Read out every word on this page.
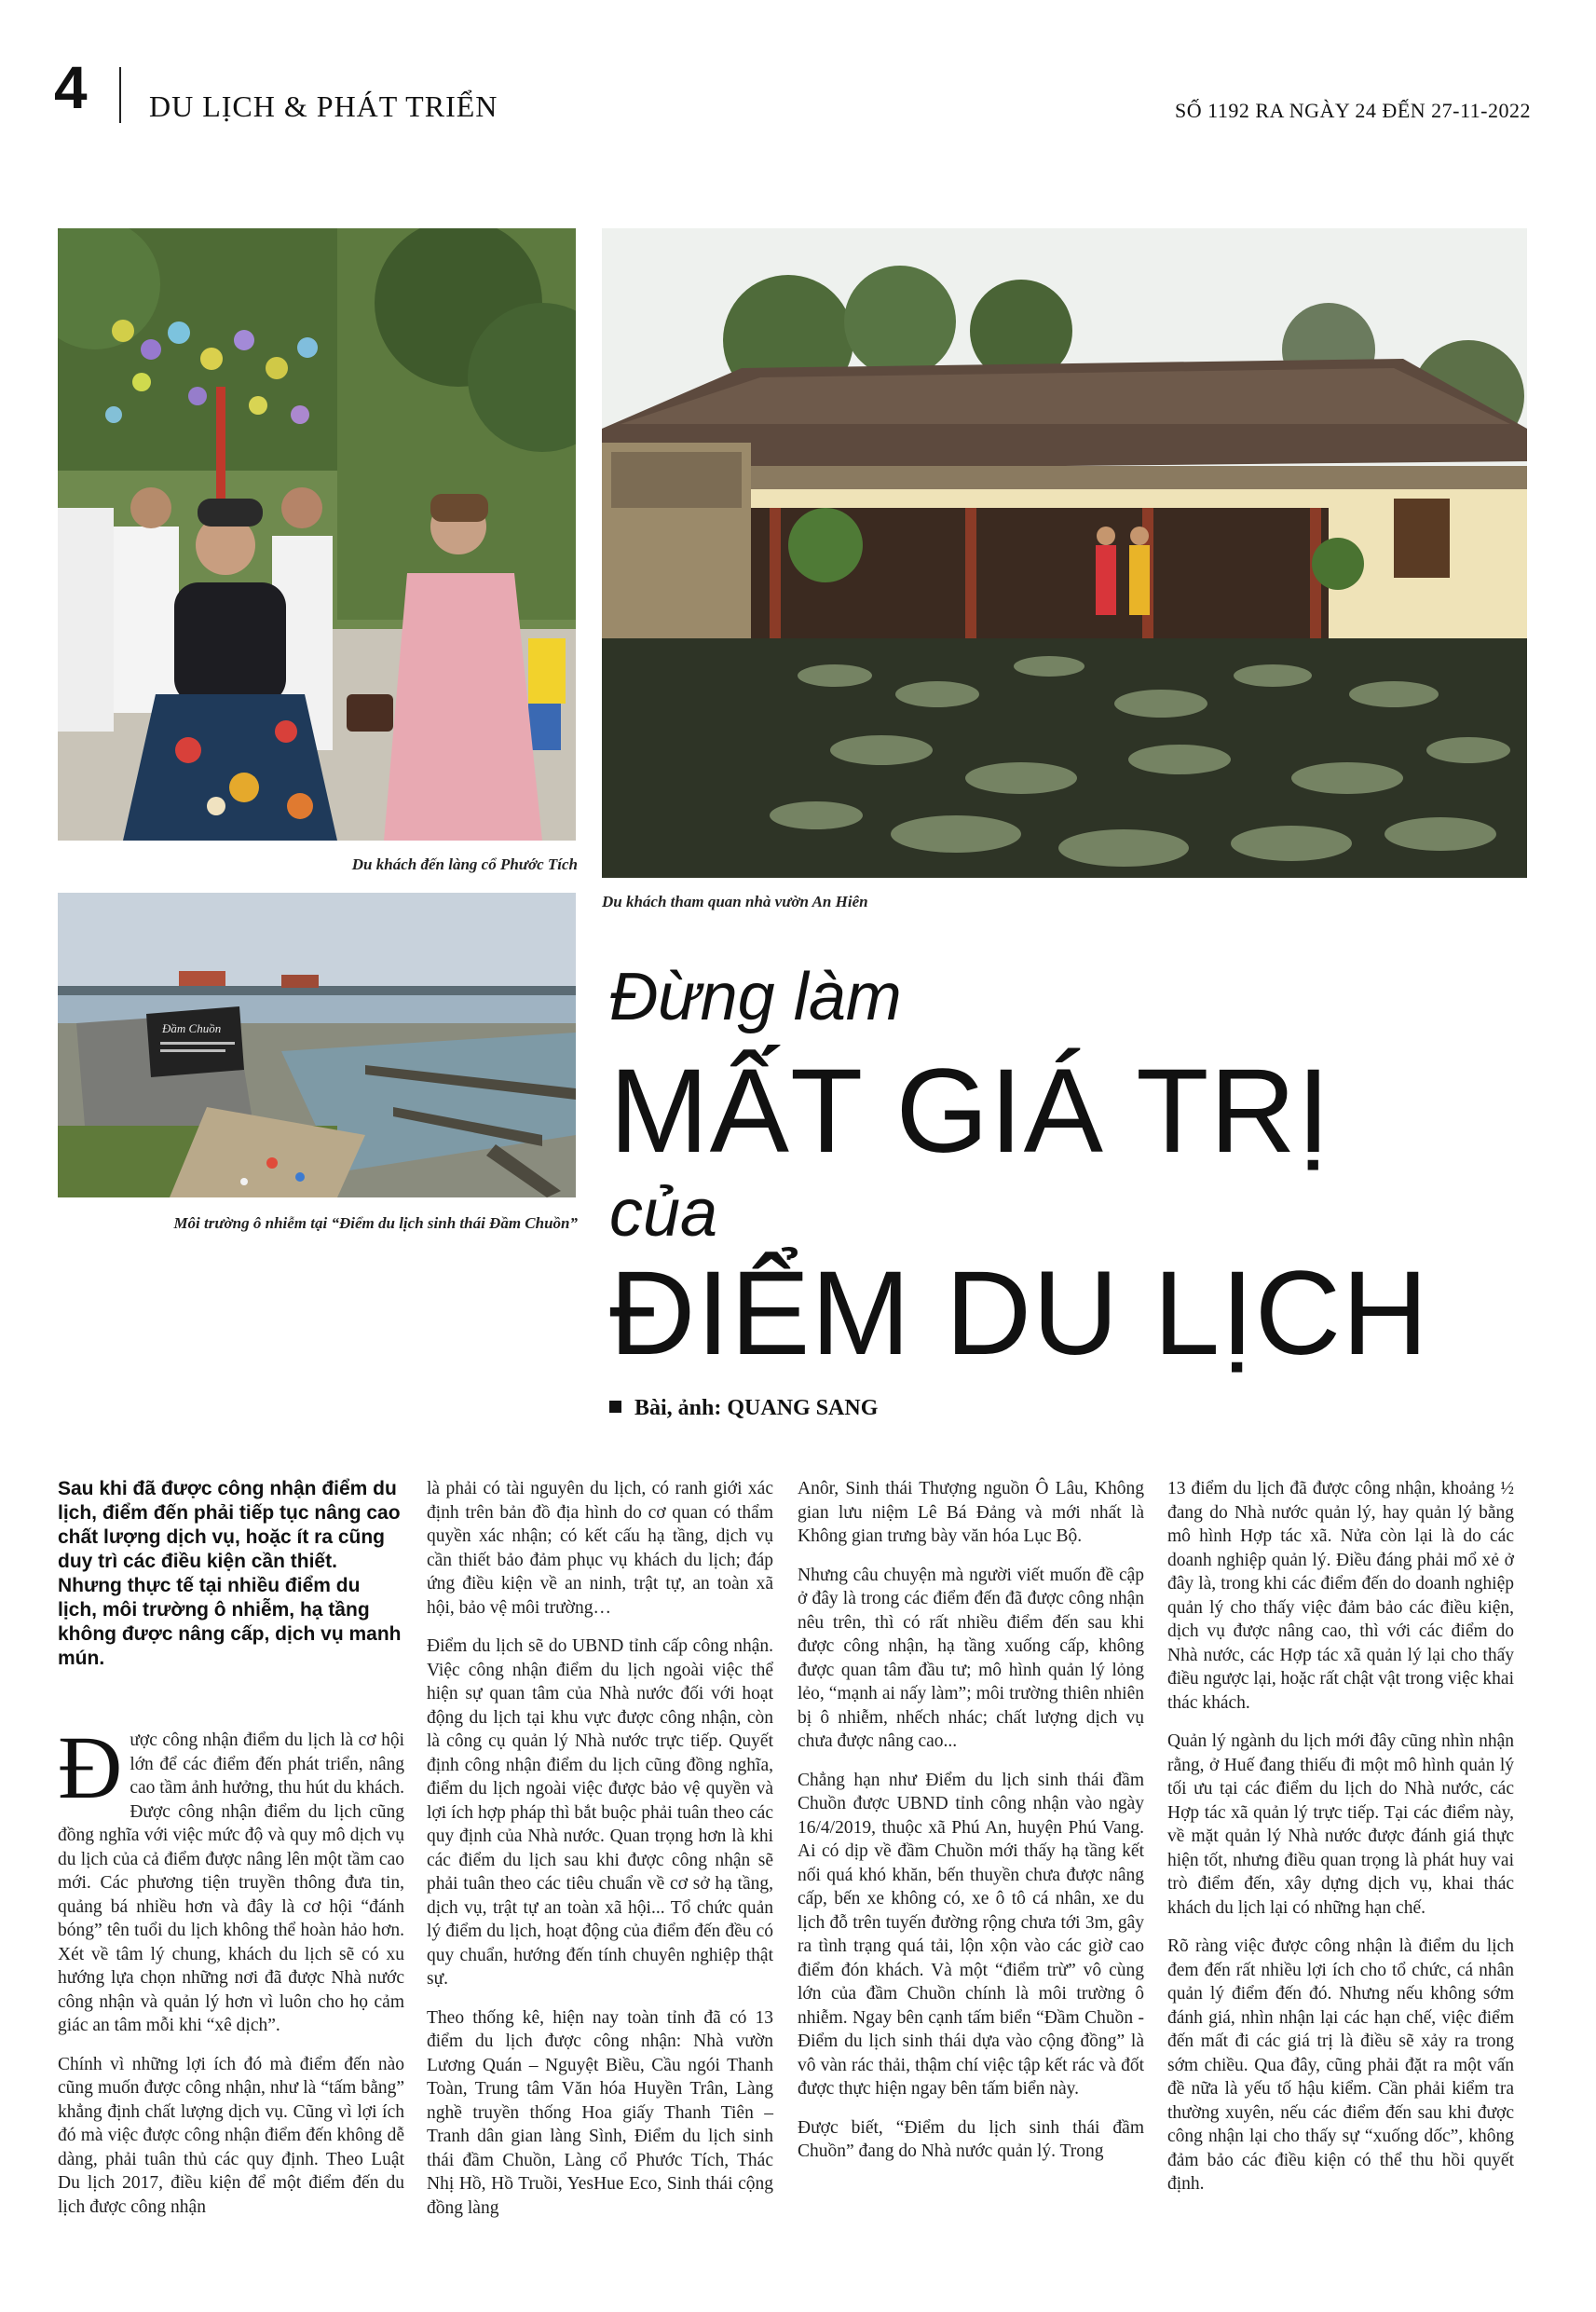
4 DU LỊCH & PHÁT TRIỂN	SỐ 1192 RA NGÀY 24 ĐẾN 27-11-2022
Du khách đến làng cổ Phước Tích
Du khách tham quan nhà vườn An Hiên
Đầm Chuồn
Môi trường ô nhiễm tại “Điểm du lịch sinh thái Đầm Chuồn”
Đừng làm
MẤT GIÁ TRỊ
của
ĐIỂM DU LỊCH
Bài, ảnh: QUANG SANG

Sau khi đã được công nhận điểm du lịch, điểm đến phải tiếp tục nâng cao chất lượng dịch vụ, hoặc ít ra cũng duy trì các điều kiện cần thiết. Nhưng thực tế tại nhiều điểm du lịch, môi trường ô nhiễm, hạ tầng không được nâng cấp, dịch vụ manh mún.

Được công nhận điểm du lịch là cơ hội lớn để các điểm đến phát triển, nâng cao tầm ảnh hưởng, thu hút du khách. Được công nhận điểm du lịch cũng đồng nghĩa với việc mức độ và quy mô dịch vụ du lịch của cả điểm được nâng lên một tầm cao mới. Các phương tiện truyền thông đưa tin, quảng bá nhiều hơn và đây là cơ hội “đánh bóng” tên tuổi du lịch không thể hoàn hảo hơn. Xét về tâm lý chung, khách du lịch sẽ có xu hướng lựa chọn những nơi đã được Nhà nước công nhận và quản lý hơn vì luôn cho họ cảm giác an tâm mỗi khi “xê dịch”.

Chính vì những lợi ích đó mà điểm đến nào cũng muốn được công nhận, như là “tấm bằng” khẳng định chất lượng dịch vụ. Cũng vì lợi ích đó mà việc được công nhận điểm đến không dễ dàng, phải tuân thủ các quy định. Theo Luật Du lịch 2017, điều kiện để một điểm đến du lịch được công nhận

là phải có tài nguyên du lịch, có ranh giới xác định trên bản đồ địa hình do cơ quan có thẩm quyền xác nhận; có kết cấu hạ tầng, dịch vụ cần thiết bảo đảm phục vụ khách du lịch; đáp ứng điều kiện về an ninh, trật tự, an toàn xã hội, bảo vệ môi trường…

Điểm du lịch sẽ do UBND tỉnh cấp công nhận. Việc công nhận điểm du lịch ngoài việc thể hiện sự quan tâm của Nhà nước đối với hoạt động du lịch tại khu vực được công nhận, còn là công cụ quản lý Nhà nước trực tiếp. Quyết định công nhận điểm du lịch cũng đồng nghĩa, điểm du lịch ngoài việc được bảo vệ quyền và lợi ích hợp pháp thì bắt buộc phải tuân theo các quy định của Nhà nước. Quan trọng hơn là khi các điểm du lịch sau khi được công nhận sẽ phải tuân theo các tiêu chuẩn về cơ sở hạ tầng, dịch vụ, trật tự an toàn xã hội... Tổ chức quản lý điểm du lịch, hoạt động của điểm đến đều có quy chuẩn, hướng đến tính chuyên nghiệp thật sự.

Theo thống kê, hiện nay toàn tỉnh đã có 13 điểm du lịch được công nhận: Nhà vườn Lương Quán – Nguyệt Biều, Cầu ngói Thanh Toàn, Trung tâm Văn hóa Huyền Trân, Làng nghề truyền thống Hoa giấy Thanh Tiên – Tranh dân gian làng Sình, Điểm du lịch sinh thái đầm Chuồn, Làng cổ Phước Tích, Thác Nhị Hồ, Hồ Truồi, YesHue Eco, Sinh thái cộng đồng làng

Anôr, Sinh thái Thượng nguồn Ô Lâu, Không gian lưu niệm Lê Bá Đảng và mới nhất là Không gian trưng bày văn hóa Lục Bộ.

Nhưng câu chuyện mà người viết muốn đề cập ở đây là trong các điểm đến đã được công nhận nêu trên, thì có rất nhiều điểm đến sau khi được công nhận, hạ tầng xuống cấp, không được quan tâm đầu tư; mô hình quản lý lỏng lẻo, “mạnh ai nấy làm”; môi trường thiên nhiên bị ô nhiễm, nhếch nhác; chất lượng dịch vụ chưa được nâng cao...

Chẳng hạn như Điểm du lịch sinh thái đầm Chuồn được UBND tỉnh công nhận vào ngày 16/4/2019, thuộc xã Phú An, huyện Phú Vang. Ai có dịp về đầm Chuồn mới thấy hạ tầng kết nối quá khó khăn, bến thuyền chưa được nâng cấp, bến xe không có, xe ô tô cá nhân, xe du lịch đỗ trên tuyến đường rộng chưa tới 3m, gây ra tình trạng quá tải, lộn xộn vào các giờ cao điểm đón khách. Và một “điểm trừ” vô cùng lớn của đầm Chuồn chính là môi trường ô nhiễm. Ngay bên cạnh tấm biển “Đầm Chuồn - Điểm du lịch sinh thái dựa vào cộng đồng” là vô vàn rác thải, thậm chí việc tập kết rác và đốt được thực hiện ngay bên tấm biển này.

Được biết, “Điểm du lịch sinh thái đầm Chuồn” đang do Nhà nước quản lý. Trong

13 điểm du lịch đã được công nhận, khoảng ½ đang do Nhà nước quản lý, hay quản lý bằng mô hình Hợp tác xã. Nửa còn lại là do các doanh nghiệp quản lý. Điều đáng phải mổ xẻ ở đây là, trong khi các điểm đến do doanh nghiệp quản lý cho thấy việc đảm bảo các điều kiện, dịch vụ được nâng cao, thì với các điểm do Nhà nước, các Hợp tác xã quản lý lại cho thấy điều ngược lại, hoặc rất chật vật trong việc khai thác khách.

Quản lý ngành du lịch mới đây cũng nhìn nhận rằng, ở Huế đang thiếu đi một mô hình quản lý tối ưu tại các điểm du lịch do Nhà nước, các Hợp tác xã quản lý trực tiếp. Tại các điểm này, về mặt quản lý Nhà nước được đánh giá thực hiện tốt, nhưng điều quan trọng là phát huy vai trò điểm đến, xây dựng dịch vụ, khai thác khách du lịch lại có những hạn chế.

Rõ ràng việc được công nhận là điểm du lịch đem đến rất nhiều lợi ích cho tổ chức, cá nhân quản lý điểm đến đó. Nhưng nếu không sớm đánh giá, nhìn nhận lại các hạn chế, việc điểm đến mất đi các giá trị là điều sẽ xảy ra trong sớm chiều. Qua đây, cũng phải đặt ra một vấn đề nữa là yếu tố hậu kiểm. Cần phải kiểm tra thường xuyên, nếu các điểm đến sau khi được công nhận lại cho thấy sự “xuống dốc”, không đảm bảo các điều kiện có thể thu hồi quyết định.
